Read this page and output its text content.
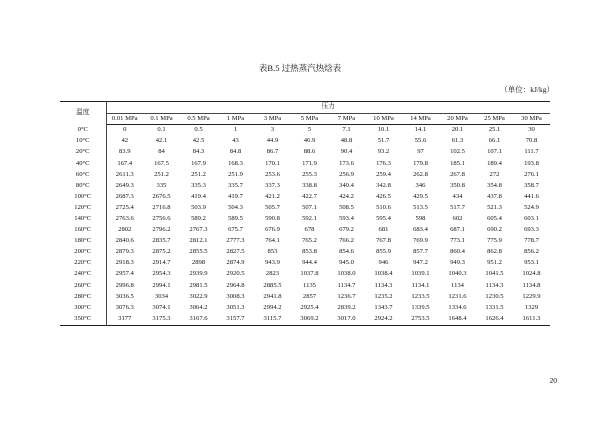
表B.5 过热蒸汽热焓表
（单位：kJ/kg）
温度	压力											
	0.01 MPa	0.1 MPa	0.5 MPa	1 MPa	3 MPa	5 MPa	7 MPa	10 MPa	14 MPa	20 MPa	25 MPa	30 MPa
0°C	0	0.1	0.5	1	3	5	7.1	10.1	14.1	20.1	25.1	30
10°C	42	42.1	42.5	43	44.9	46.9	48.8	51.7	55.6	61.3	66.1	70.8
20°C	83.9	84	84.3	84.8	86.7	88.6	90.4	93.2	97	102.5	107.1	111.7
40°C	167.4	167.5	167.9	168.3	170.1	171.9	173.6	176.3	179.8	185.1	189.4	193.8
60°C	2611.3	251.2	251.2	251.9	253.6	255.3	256.9	259.4	262.8	267.8	272	276.1
80°C	2649.3	335	335.3	335.7	337.3	338.8	340.4	342.8	346	350.8	354.8	358.7
100°C	2687.3	2676.5	419.4	419.7	421.2	422.7	424.2	426.5	429.5	434	437.8	441.6
120°C	2725.4	2716.8	503.9	504.3	505.7	507.1	508.5	510.6	513.5	517.7	521.3	524.9
140°C	2763.6	2756.6	589.2	589.5	590.8	592.1	593.4	595.4	598	602	605.4	603.1
160°C	2802	2796.2	2767.3	675.7	676.9	678	679.2	681	683.4	687.1	690.2	693.3
180°C	2840.6	2835.7	2812.1	2777.3	764.1	765.2	766.2	767.8	769.9	773.1	775.9	778.7
200°C	2879.3	2875.2	2855.5	2827.5	853	853.8	854.6	855.9	857.7	860.4	862.8	856.2
220°C	2918.3	2914.7	2898	2874.9	943.9	944.4	945.0	946	947.2	949.3	951.2	953.1
240°C	2957.4	2954.3	2939.9	2920.5	2823	1037.8	1038.0	1038.4	1039.1	1040.3	1041.5	1024.8
260°C	2996.8	2994.1	2981.5	2964.8	2885.5	1135	1134.7	1134.3	1134.1	1134	1134.3	1134.8
280°C	3036.5	3034	3022.9	3008.3	2941.8	2857	1236.7	1235.2	1233.5	1231.6	1230.5	1229.9
300°C	3076.3	3074.1	3064.2	3051.3	2994.2	2925.4	2839.2	1343.7	1339.5	1334.6	1331.5	1329
350°C	3177	3175.3	3167.6	3157.7	3115.7	3069.2	3017.0	2924.2	2753.5	1648.4	1626.4	1611.3
20
